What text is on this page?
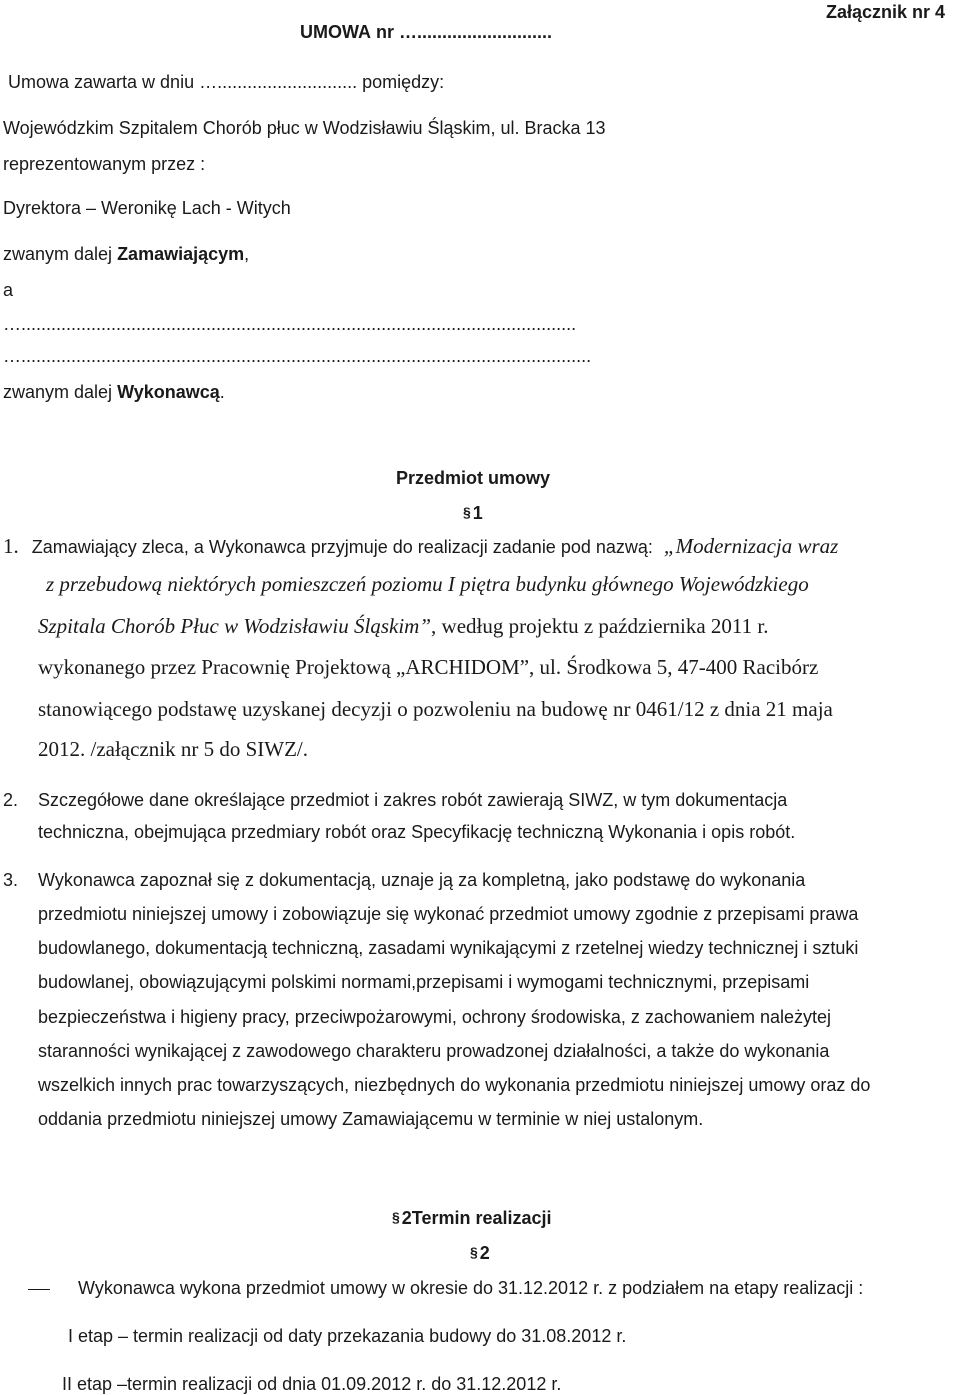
UMOWA nr …...........................
Załącznik nr 4
Umowa zawarta w dniu …............................ pomiędzy:
Wojewódzkim Szpitalem Chorób płuc w Wodzisławiu Śląskim, ul. Bracka 13
reprezentowanym przez :
Dyrektora – Weronikę Lach - Witych
zwanym dalej Zamawiającym,
a
…...............................................................................................................
…..................................................................................................................
zwanym dalej Wykonawcą.
Przedmiot umowy
§ 1
1. Zamawiający zleca, a Wykonawca przyjmuje do realizacji zadanie pod nazwą: „Modernizacja wraz
z przebudową niektórych pomieszczeń poziomu I piętra budynku głównego Wojewódzkiego
Szpitala Chorób Płuc w Wodzisławiu Śląskim”, według projektu z października 2011 r.
wykonanego przez Pracownię Projektową „ARCHIDOM”, ul. Środkowa 5, 47-400 Racibórz
stanowiącego podstawę uzyskanej decyzji o pozwoleniu na budowę nr 0461/12 z dnia 21 maja
2012. /załącznik nr 5 do SIWZ/.
2. Szczegółowe dane określające przedmiot i zakres robót zawierają SIWZ, w tym dokumentacja
techniczna, obejmująca przedmiary robót oraz Specyfikację techniczną Wykonania i opis robót.
3. Wykonawca zapoznał się z dokumentacją, uznaje ją za kompletną, jako podstawę do wykonania
przedmiotu niniejszej umowy i zobowiązuje się wykonać przedmiot umowy zgodnie z przepisami prawa
budowlanego, dokumentacją techniczną, zasadami wynikającymi z rzetelnej wiedzy technicznej i sztuki
budowlanej, obowiązującymi polskimi normami,przepisami i wymogami technicznymi, przepisami
bezpieczeństwa i higieny pracy, przeciwpożarowymi, ochrony środowiska, z zachowaniem należytej
staranności wynikającej z zawodowego charakteru prowadzonej działalności, a także do wykonania
wszelkich innych prac towarzyszących, niezbędnych do wykonania przedmiotu niniejszej umowy oraz do
oddania przedmiotu niniejszej umowy Zamawiającemu w terminie w niej ustalonym.
§ 2Termin realizacji
§ 2
Wykonawca wykona przedmiot umowy w okresie do 31.12.2012 r. z podziałem na etapy realizacji :
I etap – termin realizacji od daty przekazania budowy do 31.08.2012 r.
II etap –termin realizacji od dnia 01.09.2012 r. do 31.12.2012 r.
